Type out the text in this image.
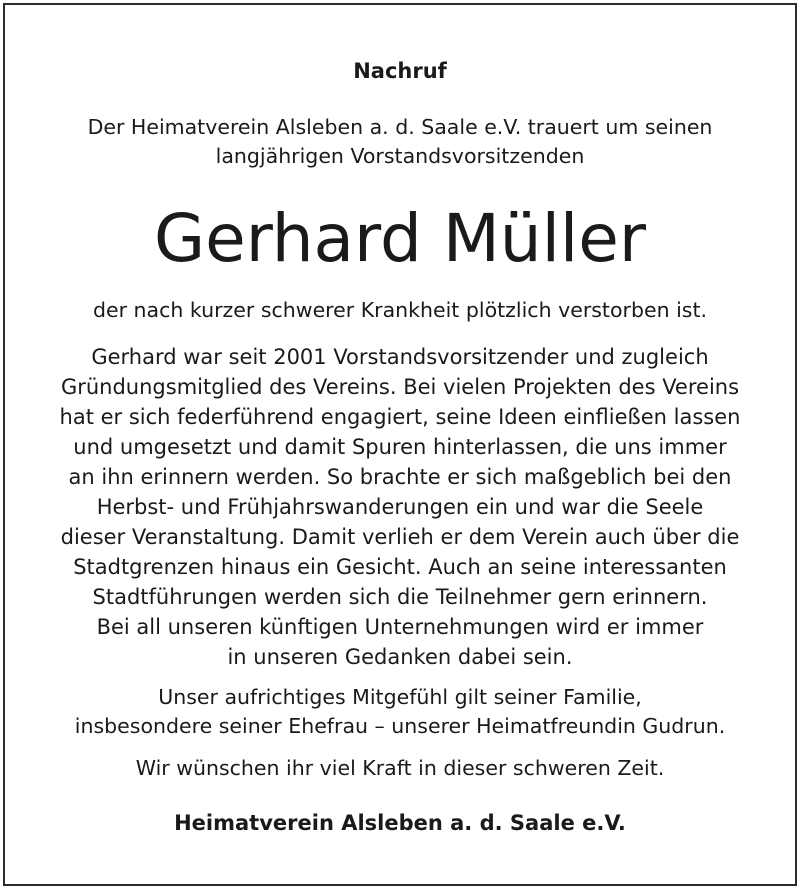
Nachruf

Der Heimatverein Alsleben a. d. Saale e.V. trauert um seinen
langjährigen Vorstandsvorsitzenden

Gerhard Müller

der nach kurzer schwerer Krankheit plötzlich verstorben ist.

Gerhard war seit 2001 Vorstandsvorsitzender und zugleich
Gründungsmitglied des Vereins. Bei vielen Projekten des Vereins
hat er sich federführend engagiert, seine Ideen einfließen lassen
und umgesetzt und damit Spuren hinterlassen, die uns immer
an ihn erinnern werden. So brachte er sich maßgeblich bei den
Herbst- und Frühjahrswanderungen ein und war die Seele
dieser Veranstaltung. Damit verlieh er dem Verein auch über die
Stadtgrenzen hinaus ein Gesicht. Auch an seine interessanten
Stadtführungen werden sich die Teilnehmer gern erinnern.
Bei all unseren künftigen Unternehmungen wird er immer
in unseren Gedanken dabei sein.

Unser aufrichtiges Mitgefühl gilt seiner Familie,
insbesondere seiner Ehefrau – unserer Heimatfreundin Gudrun.

Wir wünschen ihr viel Kraft in dieser schweren Zeit.

Heimatverein Alsleben a. d. Saale e.V.
